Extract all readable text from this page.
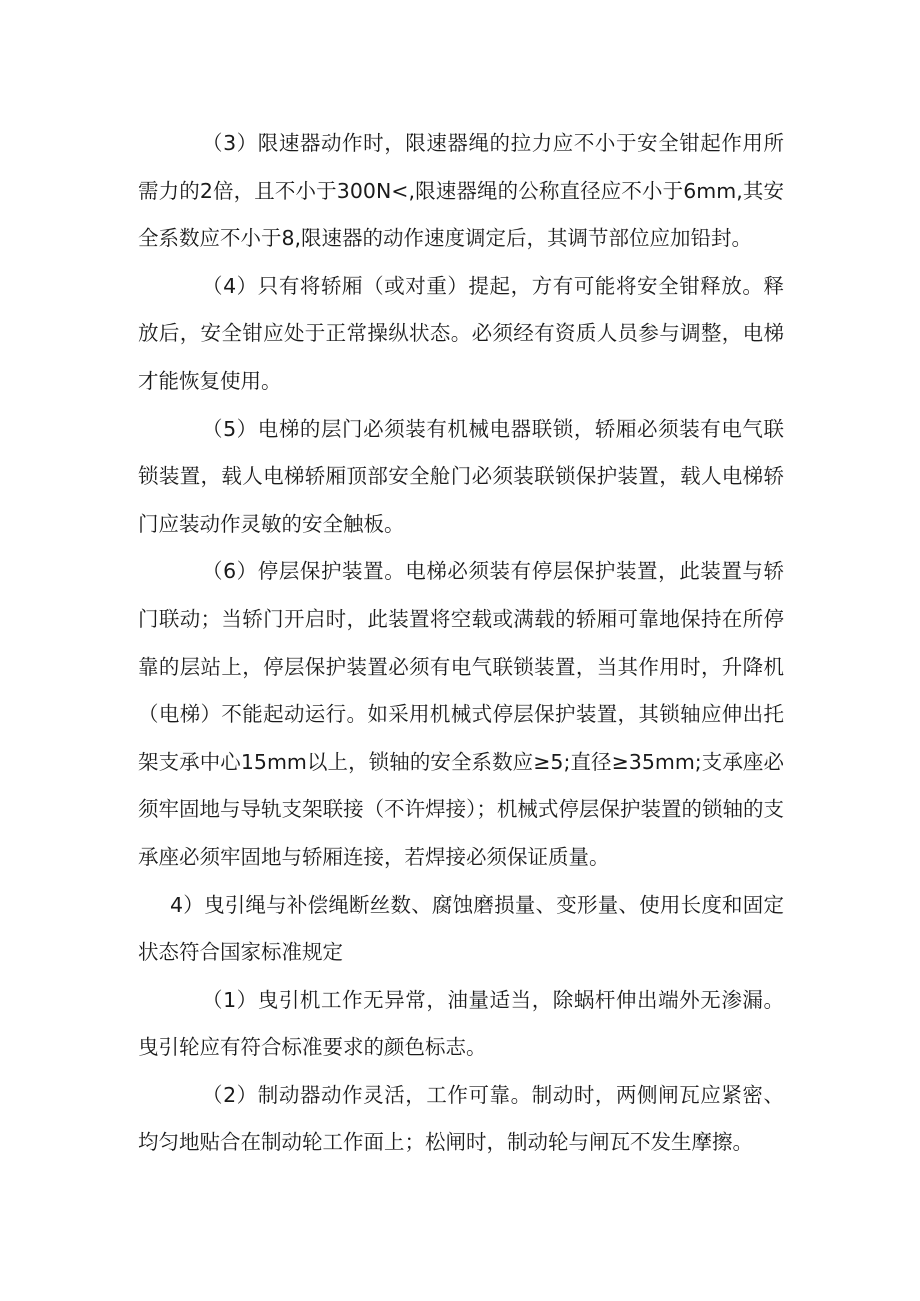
（3）限速器动作时，限速器绳的拉力应不小于安全钳起作用所需力的2倍，且不小于300N<,限速器绳的公称直径应不小于6mm,其安全系数应不小于8,限速器的动作速度调定后，其调节部位应加铅封。

（4）只有将轿厢（或对重）提起，方有可能将安全钳释放。释放后，安全钳应处于正常操纵状态。必须经有资质人员参与调整，电梯才能恢复使用。

（5）电梯的层门必须装有机械电器联锁，轿厢必须装有电气联锁装置，载人电梯轿厢顶部安全舱门必须装联锁保护装置，载人电梯轿门应装动作灵敏的安全触板。

（6）停层保护装置。电梯必须装有停层保护装置，此装置与轿门联动；当轿门开启时，此装置将空载或满载的轿厢可靠地保持在所停靠的层站上，停层保护装置必须有电气联锁装置，当其作用时，升降机（电梯）不能起动运行。如采用机械式停层保护装置，其锁轴应伸出托架支承中心15mm以上，锁轴的安全系数应≥5;直径≥35mm;支承座必须牢固地与导轨支架联接（不许焊接）；机械式停层保护装置的锁轴的支承座必须牢固地与轿厢连接，若焊接必须保证质量。

4）曳引绳与补偿绳断丝数、腐蚀磨损量、变形量、使用长度和固定状态符合国家标准规定

（1）曳引机工作无异常，油量适当，除蜗杆伸出端外无渗漏。曳引轮应有符合标准要求的颜色标志。

（2）制动器动作灵活，工作可靠。制动时，两侧闸瓦应紧密、均匀地贴合在制动轮工作面上；松闸时，制动轮与闸瓦不发生摩擦。
